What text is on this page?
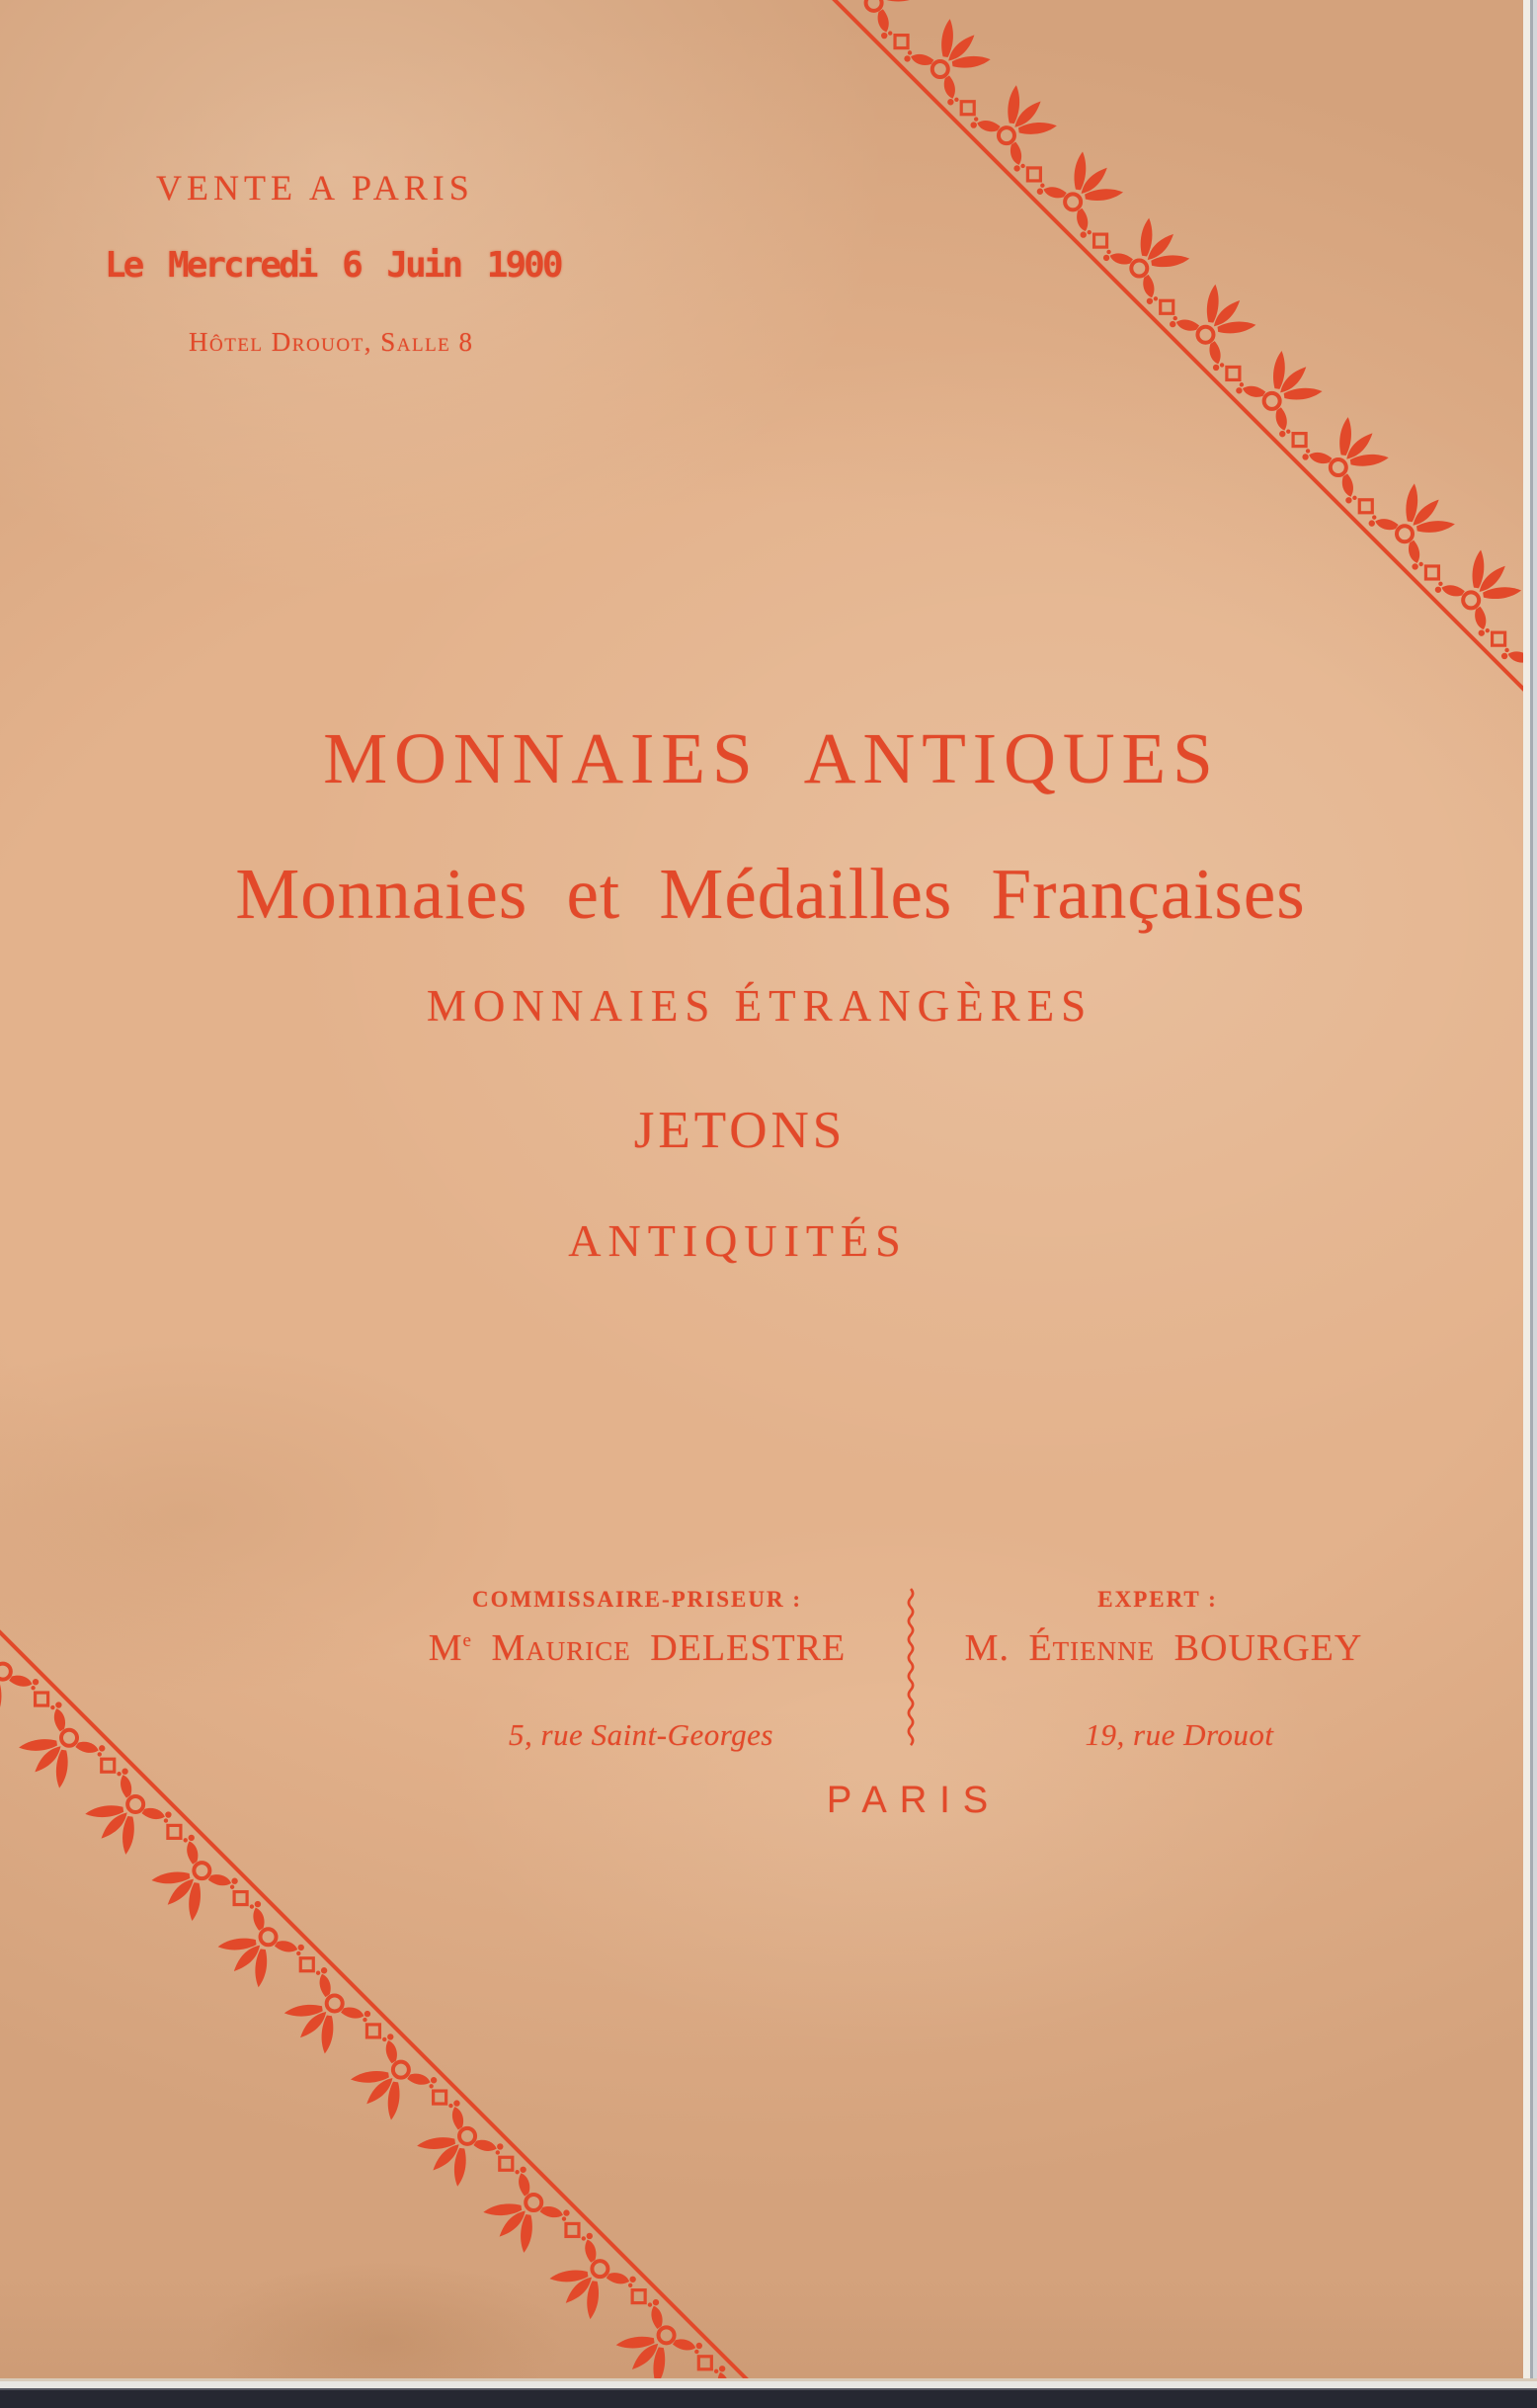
VENTE A PARIS
Le Mercredi 6 Juin 1900
Hôtel Drouot, Salle 8
MONNAIES ANTIQUES
Monnaies et Médailles Françaises
MONNAIES ÉTRANGÈRES
JETONS
ANTIQUITÉS
COMMISSAIRE-PRISEUR :	EXPERT :
Me Maurice DELESTRE	M. Étienne BOURGEY
5, rue Saint-Georges	19, rue Drouot
PARIS
